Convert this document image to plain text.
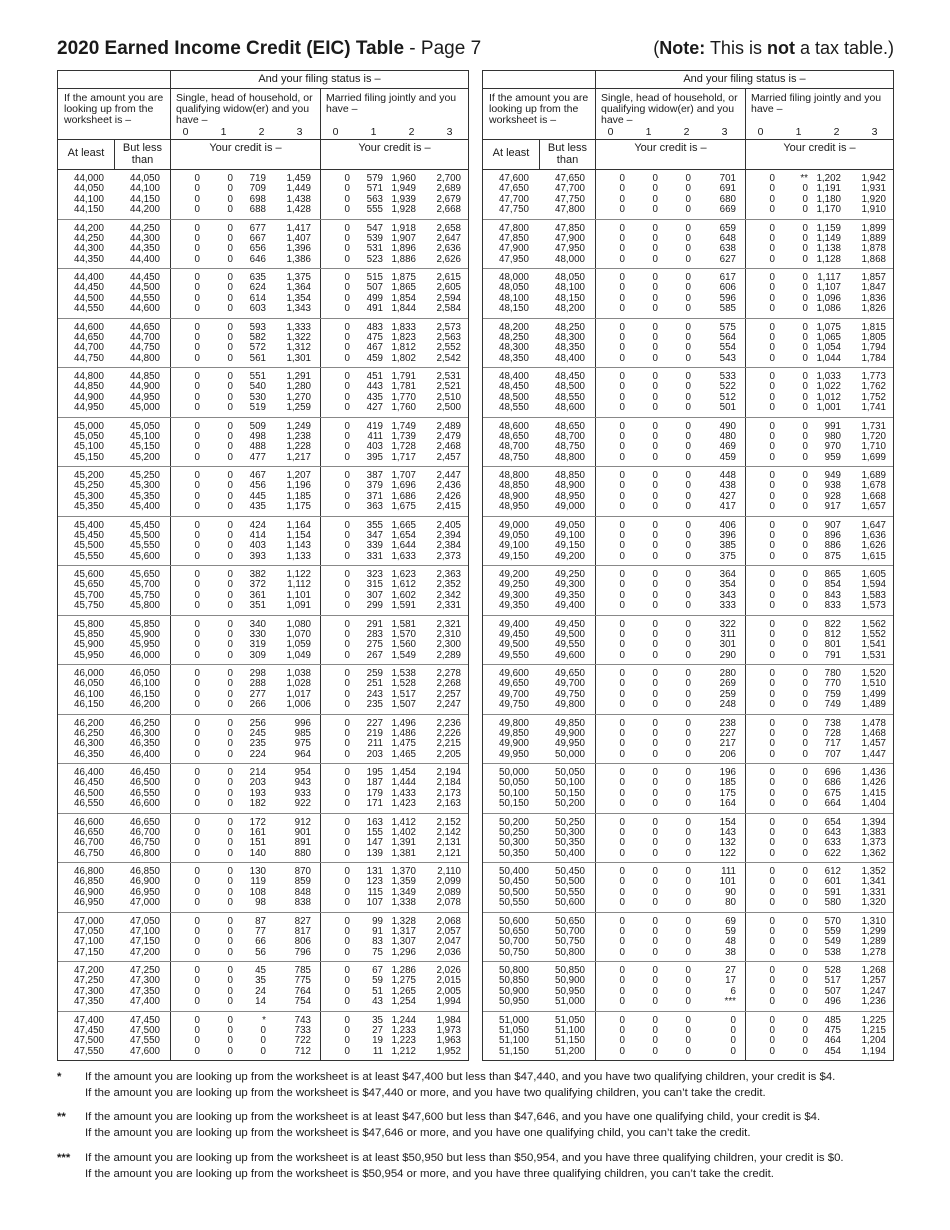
2020 Earned Income Credit (EIC) Table - Page 7	(Note: This is not a tax table.)
And your filing status is –
If the amount you are looking up from the worksheet is –
Single, head of household, or qualifying widow(er) and you have –
0	1	2	3
Married filing jointly and you have –
0	1	2	3
At least	But less than
Your credit is –	Your credit is –
44,000	44,050	0	0	719	1,459	0	579 1,960	2,700
44,050	44,100	0	0	709	1,449	0	571 1,949	2,689
44,100	44,150	0	0	698	1,438	0	563 1,939	2,679
44,150	44,200	0	0	688	1,428	0	555 1,928	2,668
44,200	44,250	0	0	677	1,417	0	547 1,918	2,658
44,250	44,300	0	0	667	1,407	0	539 1,907	2,647
44,300	44,350	0	0	656	1,396	0	531 1,896	2,636
44,350	44,400	0	0	646	1,386	0	523 1,886	2,626
44,400	44,450	0	0	635	1,375	0	515 1,875	2,615
44,450	44,500	0	0	624	1,364	0	507 1,865	2,605
44,500	44,550	0	0	614	1,354	0	499 1,854	2,594
44,550	44,600	0	0	603	1,343	0	491 1,844	2,584
44,600	44,650	0	0	593	1,333	0	483 1,833	2,573
44,650	44,700	0	0	582	1,322	0	475 1,823	2,563
44,700	44,750	0	0	572	1,312	0	467 1,812	2,552
44,750	44,800	0	0	561	1,301	0	459 1,802	2,542
44,800	44,850	0	0	551	1,291	0	451 1,791	2,531
44,850	44,900	0	0	540	1,280	0	443 1,781	2,521
44,900	44,950	0	0	530	1,270	0	435 1,770	2,510
44,950	45,000	0	0	519	1,259	0	427 1,760	2,500
45,000	45,050	0	0	509	1,249	0	419 1,749	2,489
45,050	45,100	0	0	498	1,238	0	411 1,739	2,479
45,100	45,150	0	0	488	1,228	0	403 1,728	2,468
45,150	45,200	0	0	477	1,217	0	395 1,717	2,457
45,200	45,250	0	0	467	1,207	0	387 1,707	2,447
45,250	45,300	0	0	456	1,196	0	379 1,696	2,436
45,300	45,350	0	0	445	1,185	0	371 1,686	2,426
45,350	45,400	0	0	435	1,175	0	363 1,675	2,415
45,400	45,450	0	0	424	1,164	0	355 1,665	2,405
45,450	45,500	0	0	414	1,154	0	347 1,654	2,394
45,500	45,550	0	0	403	1,143	0	339 1,644	2,384
45,550	45,600	0	0	393	1,133	0	331 1,633	2,373
45,600	45,650	0	0	382	1,122	0	323 1,623	2,363
45,650	45,700	0	0	372	1,112	0	315 1,612	2,352
45,700	45,750	0	0	361	1,101	0	307 1,602	2,342
45,750	45,800	0	0	351	1,091	0	299 1,591	2,331
45,800	45,850	0	0	340	1,080	0	291 1,581	2,321
45,850	45,900	0	0	330	1,070	0	283 1,570	2,310
45,900	45,950	0	0	319	1,059	0	275 1,560	2,300
45,950	46,000	0	0	309	1,049	0	267 1,549	2,289
46,000	46,050	0	0	298	1,038	0	259 1,538	2,278
46,050	46,100	0	0	288	1,028	0	251 1,528	2,268
46,100	46,150	0	0	277	1,017	0	243 1,517	2,257
46,150	46,200	0	0	266	1,006	0	235 1,507	2,247
46,200	46,250	0	0	256	996	0	227 1,496	2,236
46,250	46,300	0	0	245	985	0	219 1,486	2,226
46,300	46,350	0	0	235	975	0	211 1,475	2,215
46,350	46,400	0	0	224	964	0	203 1,465	2,205
46,400	46,450	0	0	214	954	0	195 1,454	2,194
46,450	46,500	0	0	203	943	0	187 1,444	2,184
46,500	46,550	0	0	193	933	0	179 1,433	2,173
46,550	46,600	0	0	182	922	0	171 1,423	2,163
46,600	46,650	0	0	172	912	0	163 1,412	2,152
46,650	46,700	0	0	161	901	0	155 1,402	2,142
46,700	46,750	0	0	151	891	0	147 1,391	2,131
46,750	46,800	0	0	140	880	0	139 1,381	2,121
46,800	46,850	0	0	130	870	0	131 1,370	2,110
46,850	46,900	0	0	119	859	0	123 1,359	2,099
46,900	46,950	0	0	108	848	0	115 1,349	2,089
46,950	47,000	0	0	98	838	0	107 1,338	2,078
47,000	47,050	0	0	87	827	0	99 1,328	2,068
47,050	47,100	0	0	77	817	0	91 1,317	2,057
47,100	47,150	0	0	66	806	0	83 1,307	2,047
47,150	47,200	0	0	56	796	0	75 1,296	2,036
47,200	47,250	0	0	45	785	0	67 1,286	2,026
47,250	47,300	0	0	35	775	0	59 1,275	2,015
47,300	47,350	0	0	24	764	0	51 1,265	2,005
47,350	47,400	0	0	14	754	0	43 1,254	1,994
47,400	47,450	0	0	*	743	0	35 1,244	1,984
47,450	47,500	0	0	0	733	0	27 1,233	1,973
47,500	47,550	0	0	0	722	0	19 1,223	1,963
47,550	47,600	0	0	0	712	0	11 1,212	1,952
And your filing status is –
If the amount you are looking up from the worksheet is –
Single, head of household, or qualifying widow(er) and you have –
0	1	2	3
Married filing jointly and you have –
0	1	2	3
At least	But less than
Your credit is –	Your credit is –
47,600	47,650	0	0	0	701	0	** 1,202	1,942
47,650	47,700	0	0	0	691	0	0 1,191	1,931
47,700	47,750	0	0	0	680	0	0 1,180	1,920
47,750	47,800	0	0	0	669	0	0 1,170	1,910
47,800	47,850	0	0	0	659	0	0 1,159	1,899
47,850	47,900	0	0	0	648	0	0 1,149	1,889
47,900	47,950	0	0	0	638	0	0 1,138	1,878
47,950	48,000	0	0	0	627	0	0 1,128	1,868
48,000	48,050	0	0	0	617	0	0 1,117	1,857
48,050	48,100	0	0	0	606	0	0 1,107	1,847
48,100	48,150	0	0	0	596	0	0 1,096	1,836
48,150	48,200	0	0	0	585	0	0 1,086	1,826
48,200	48,250	0	0	0	575	0	0 1,075	1,815
48,250	48,300	0	0	0	564	0	0 1,065	1,805
48,300	48,350	0	0	0	554	0	0 1,054	1,794
48,350	48,400	0	0	0	543	0	0 1,044	1,784
48,400	48,450	0	0	0	533	0	0 1,033	1,773
48,450	48,500	0	0	0	522	0	0 1,022	1,762
48,500	48,550	0	0	0	512	0	0 1,012	1,752
48,550	48,600	0	0	0	501	0	0 1,001	1,741
48,600	48,650	0	0	0	490	0	0	991	1,731
48,650	48,700	0	0	0	480	0	0	980	1,720
48,700	48,750	0	0	0	469	0	0	970	1,710
48,750	48,800	0	0	0	459	0	0	959	1,699
48,800	48,850	0	0	0	448	0	0	949	1,689
48,850	48,900	0	0	0	438	0	0	938	1,678
48,900	48,950	0	0	0	427	0	0	928	1,668
48,950	49,000	0	0	0	417	0	0	917	1,657
49,000	49,050	0	0	0	406	0	0	907	1,647
49,050	49,100	0	0	0	396	0	0	896	1,636
49,100	49,150	0	0	0	385	0	0	886	1,626
49,150	49,200	0	0	0	375	0	0	875	1,615
49,200	49,250	0	0	0	364	0	0	865	1,605
49,250	49,300	0	0	0	354	0	0	854	1,594
49,300	49,350	0	0	0	343	0	0	843	1,583
49,350	49,400	0	0	0	333	0	0	833	1,573
49,400	49,450	0	0	0	322	0	0	822	1,562
49,450	49,500	0	0	0	311	0	0	812	1,552
49,500	49,550	0	0	0	301	0	0	801	1,541
49,550	49,600	0	0	0	290	0	0	791	1,531
49,600	49,650	0	0	0	280	0	0	780	1,520
49,650	49,700	0	0	0	269	0	0	770	1,510
49,700	49,750	0	0	0	259	0	0	759	1,499
49,750	49,800	0	0	0	248	0	0	749	1,489
49,800	49,850	0	0	0	238	0	0	738	1,478
49,850	49,900	0	0	0	227	0	0	728	1,468
49,900	49,950	0	0	0	217	0	0	717	1,457
49,950	50,000	0	0	0	206	0	0	707	1,447
50,000	50,050	0	0	0	196	0	0	696	1,436
50,050	50,100	0	0	0	185	0	0	686	1,426
50,100	50,150	0	0	0	175	0	0	675	1,415
50,150	50,200	0	0	0	164	0	0	664	1,404
50,200	50,250	0	0	0	154	0	0	654	1,394
50,250	50,300	0	0	0	143	0	0	643	1,383
50,300	50,350	0	0	0	132	0	0	633	1,373
50,350	50,400	0	0	0	122	0	0	622	1,362
50,400	50,450	0	0	0	111	0	0	612	1,352
50,450	50,500	0	0	0	101	0	0	601	1,341
50,500	50,550	0	0	0	90	0	0	591	1,331
50,550	50,600	0	0	0	80	0	0	580	1,320
50,600	50,650	0	0	0	69	0	0	570	1,310
50,650	50,700	0	0	0	59	0	0	559	1,299
50,700	50,750	0	0	0	48	0	0	549	1,289
50,750	50,800	0	0	0	38	0	0	538	1,278
50,800	50,850	0	0	0	27	0	0	528	1,268
50,850	50,900	0	0	0	17	0	0	517	1,257
50,900	50,950	0	0	0	6	0	0	507	1,247
50,950	51,000	0	0	0	***	0	0	496	1,236
51,000	51,050	0	0	0	0	0	0	485	1,225
51,050	51,100	0	0	0	0	0	0	475	1,215
51,100	51,150	0	0	0	0	0	0	464	1,204
51,150	51,200	0	0	0	0	0	0	454	1,194
* If the amount you are looking up from the worksheet is at least $47,400 but less than $47,440, and you have two qualifying children, your credit is $4.
If the amount you are looking up from the worksheet is $47,440 or more, and you have two qualifying children, you can’t take the credit.
** If the amount you are looking up from the worksheet is at least $47,600 but less than $47,646, and you have one qualifying child, your credit is $4.
If the amount you are looking up from the worksheet is $47,646 or more, and you have one qualifying child, you can’t take the credit.
*** If the amount you are looking up from the worksheet is at least $50,950 but less than $50,954, and you have three qualifying children, your credit is $0.
If the amount you are looking up from the worksheet is $50,954 or more, and you have three qualifying children, you can’t take the credit.
